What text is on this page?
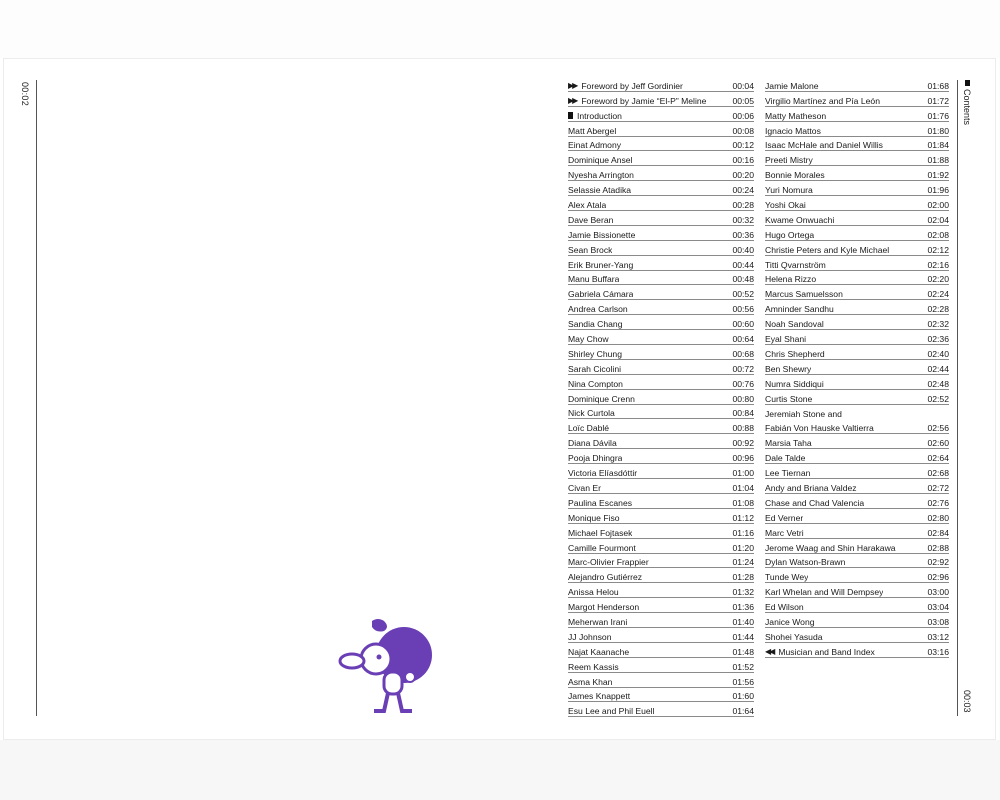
00:02	Contents
00:03
▶▶ Foreword by Jeff Gordinier	00:04
▶▶ Foreword by Jamie “El-P” Meline	00:05
Introduction	00:06
Matt Abergel	00:08
Einat Admony	00:12
Dominique Ansel	00:16
Nyesha Arrington	00:20
Selassie Atadika	00:24
Alex Atala	00:28
Dave Beran	00:32
Jamie Bissionette	00:36
Sean Brock	00:40
Erik Bruner-Yang	00:44
Manu Buffara	00:48
Gabriela Cámara	00:52
Andrea Carlson	00:56
Sandia Chang	00:60
May Chow	00:64
Shirley Chung	00:68
Sarah Cicolini	00:72
Nina Compton	00:76
Dominique Crenn	00:80
Nick Curtola	00:84
Loïc Dablé	00:88
Diana Dávila	00:92
Pooja Dhingra	00:96
Victoria Elíasdóttir	01:00
Civan Er	01:04
Paulina Escanes	01:08
Monique Fiso	01:12
Michael Fojtasek	01:16
Camille Fourmont	01:20
Marc-Olivier Frappier	01:24
Alejandro Gutiérrez	01:28
Anissa Helou	01:32
Margot Henderson	01:36
Meherwan Irani	01:40
JJ Johnson	01:44
Najat Kaanache	01:48
Reem Kassis	01:52
Asma Khan	01:56
James Knappett	01:60
Esu Lee and Phil Euell	01:64
Jamie Malone	01:68
Virgilio Martínez and Pía León	01:72
Matty Matheson	01:76
Ignacio Mattos	01:80
Isaac McHale and Daniel Willis	01:84
Preeti Mistry	01:88
Bonnie Morales	01:92
Yuri Nomura	01:96
Yoshi Okai	02:00
Kwame Onwuachi	02:04
Hugo Ortega	02:08
Christie Peters and Kyle Michael	02:12
Titti Qvarnström	02:16
Helena Rizzo	02:20
Marcus Samuelsson	02:24
Amninder Sandhu	02:28
Noah Sandoval	02:32
Eyal Shani	02:36
Chris Shepherd	02:40
Ben Shewry	02:44
Numra Siddiqui	02:48
Curtis Stone	02:52
Jeremiah Stone and
Fabián Von Hauske Valtierra	02:56
Marsia Taha	02:60
Dale Talde	02:64
Lee Tiernan	02:68
Andy and Briana Valdez	02:72
Chase and Chad Valencia	02:76
Ed Verner	02:80
Marc Vetri	02:84
Jerome Waag and Shin Harakawa	02:88
Dylan Watson-Brawn	02:92
Tunde Wey	02:96
Karl Whelan and Will Dempsey	03:00
Ed Wilson	03:04
Janice Wong	03:08
Shohei Yasuda	03:12
◀◀ Musician and Band Index	03:16
